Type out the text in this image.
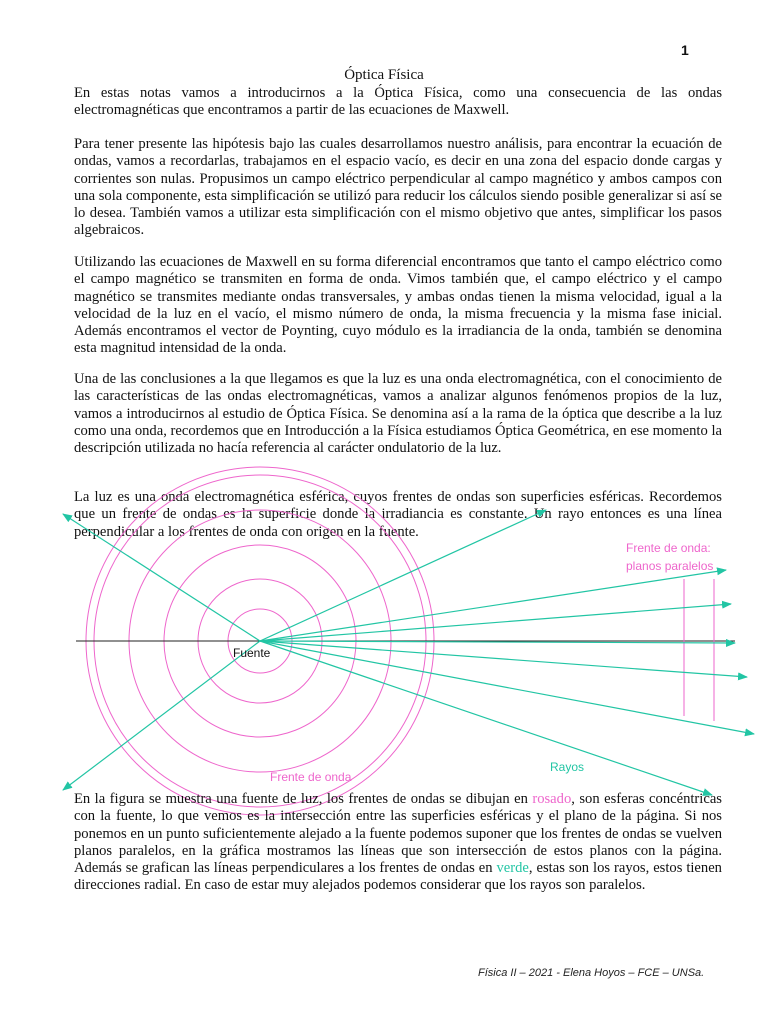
1
Óptica Física

En estas notas vamos a introducirnos a la Óptica Física, como una consecuencia de las ondas electromagnéticas que encontramos a partir de las ecuaciones de Maxwell.

Para tener presente las hipótesis bajo las cuales desarrollamos nuestro análisis, para encontrar la ecuación de ondas, vamos a recordarlas, trabajamos en el espacio vacío, es decir en una zona del espacio donde cargas y corrientes son nulas. Propusimos un campo eléctrico perpendicular al campo magnético y ambos campos con una sola componente, esta simplificación se utilizó para reducir los cálculos siendo posible generalizar si así se lo desea. También vamos a utilizar esta simplificación con el mismo objetivo que antes, simplificar los pasos algebraicos.

Utilizando las ecuaciones de Maxwell en su forma diferencial encontramos que tanto el campo eléctrico como el campo magnético se transmiten en forma de onda. Vimos también que, el campo eléctrico y el campo magnético se transmites mediante ondas transversales, y ambas ondas tienen la misma velocidad, igual a la velocidad de la luz en el vacío, el mismo número de onda, la misma frecuencia y la misma fase inicial. Además encontramos el vector de Poynting, cuyo módulo es la irradiancia de la onda, también se denomina esta magnitud intensidad de la onda.

Una de las conclusiones a la que llegamos es que la luz es una onda electromagnética, con el conocimiento de las características de las ondas electromagnéticas, vamos a analizar algunos fenómenos propios de la luz, vamos a introducirnos al estudio de Óptica Física. Se denomina así a la rama de la óptica que describe a la luz como una onda, recordemos que en Introducción a la Física estudiamos Óptica Geométrica, en ese momento la descripción utilizada no hacía referencia al carácter ondulatorio de la luz.

La luz es una onda electromagnética esférica, cuyos frentes de ondas son superficies esféricas. Recordemos que un frente de ondas es la superficie donde la irradiancia es constante. Un rayo entonces es una línea perpendicular a los frentes de onda con origen en la fuente.

Fuente
Frente de onda
Frente de onda:
planos paralelos
Rayos

En la figura se muestra una fuente de luz, los frentes de ondas se dibujan en rosado, son esferas concéntricas con la fuente, lo que vemos es la intersección entre las superficies esféricas y el plano de la página. Si nos ponemos en un punto suficientemente alejado a la fuente podemos suponer que los frentes de ondas se vuelven planos paralelos, en la gráfica mostramos las líneas que son intersección de estos planos con la página. Además se grafican las líneas perpendiculares a los frentes de ondas en verde, estas son los rayos, estos tienen direcciones radial. En caso de estar muy alejados podemos considerar que los rayos son paralelos.

Física II – 2021 - Elena Hoyos – FCE – UNSa.
